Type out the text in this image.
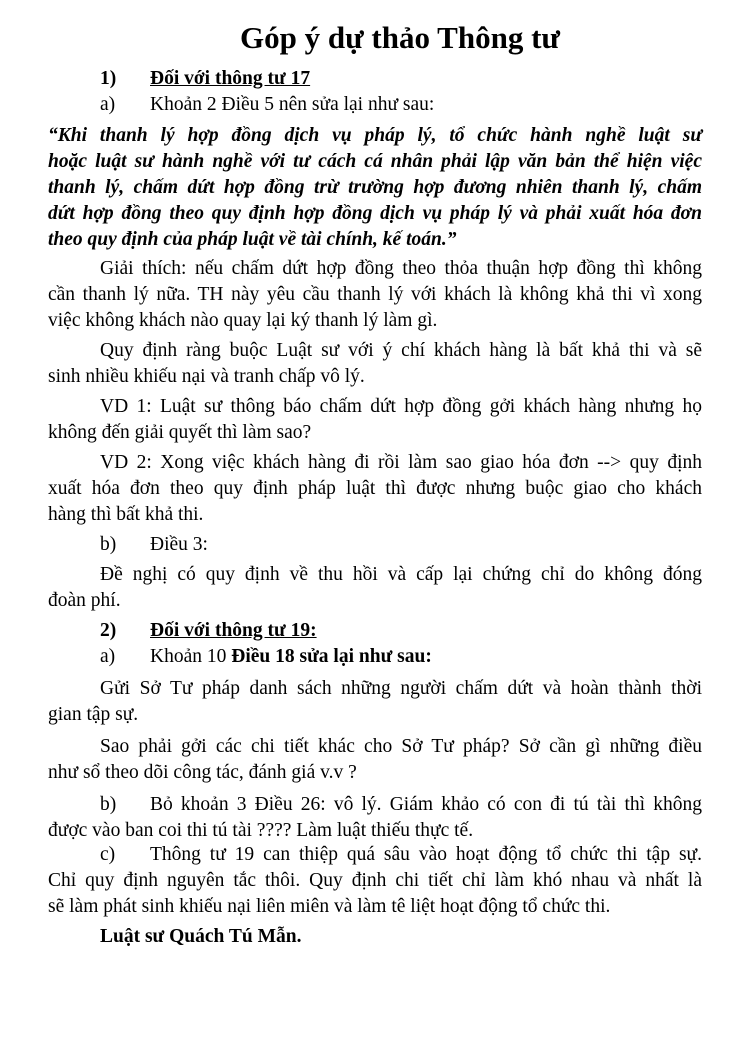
Góp ý dự thảo Thông tư
1) Đối với thông tư 17
a) Khoản 2 Điều 5 nên sửa lại như sau:
“Khi thanh lý hợp đồng dịch vụ pháp lý, tổ chức hành nghề luật sư
hoặc luật sư hành nghề với tư cách cá nhân phải lập văn bản thể hiện việc
thanh lý, chấm dứt hợp đồng trừ trường hợp đương nhiên thanh lý, chấm
dứt hợp đồng theo quy định hợp đồng dịch vụ pháp lý và phải xuất hóa đơn
theo quy định của pháp luật về tài chính, kế toán.”
Giải thích: nếu chấm dứt hợp đồng theo thỏa thuận hợp đồng thì không
cần thanh lý nữa. TH này yêu cầu thanh lý với khách là không khả thi vì xong
việc không khách nào quay lại ký thanh lý làm gì.
Quy định ràng buộc Luật sư với ý chí khách hàng là bất khả thi và sẽ
sinh nhiều khiếu nại và tranh chấp vô lý.
VD 1: Luật sư thông báo chấm dứt hợp đồng gởi khách hàng nhưng họ
không đến giải quyết thì làm sao?
VD 2: Xong việc khách hàng đi rồi làm sao giao hóa đơn --> quy định
xuất hóa đơn theo quy định pháp luật thì được nhưng buộc giao cho khách
hàng thì bất khả thi.
b) Điều 3:
Đề nghị có quy định về thu hồi và cấp lại chứng chỉ do không đóng
đoàn phí.
2) Đối với thông tư 19:
a) Khoản 10 Điều 18 sửa lại như sau:
Gửi Sở Tư pháp danh sách những người chấm dứt và hoàn thành thời
gian tập sự.
Sao phải gởi các chi tiết khác cho Sở Tư pháp? Sở cần gì những điều
như sổ theo dõi công tác, đánh giá v.v ?
b) Bỏ khoản 3 Điều 26: vô lý. Giám khảo có con đi tú tài thì không
được vào ban coi thi tú tài ???? Làm luật thiếu thực tế.
c) Thông tư 19 can thiệp quá sâu vào hoạt động tổ chức thi tập sự.
Chỉ quy định nguyên tắc thôi. Quy định chi tiết chỉ làm khó nhau và nhất là
sẽ làm phát sinh khiếu nại liên miên và làm tê liệt hoạt động tổ chức thi.
Luật sư Quách Tú Mẫn.
